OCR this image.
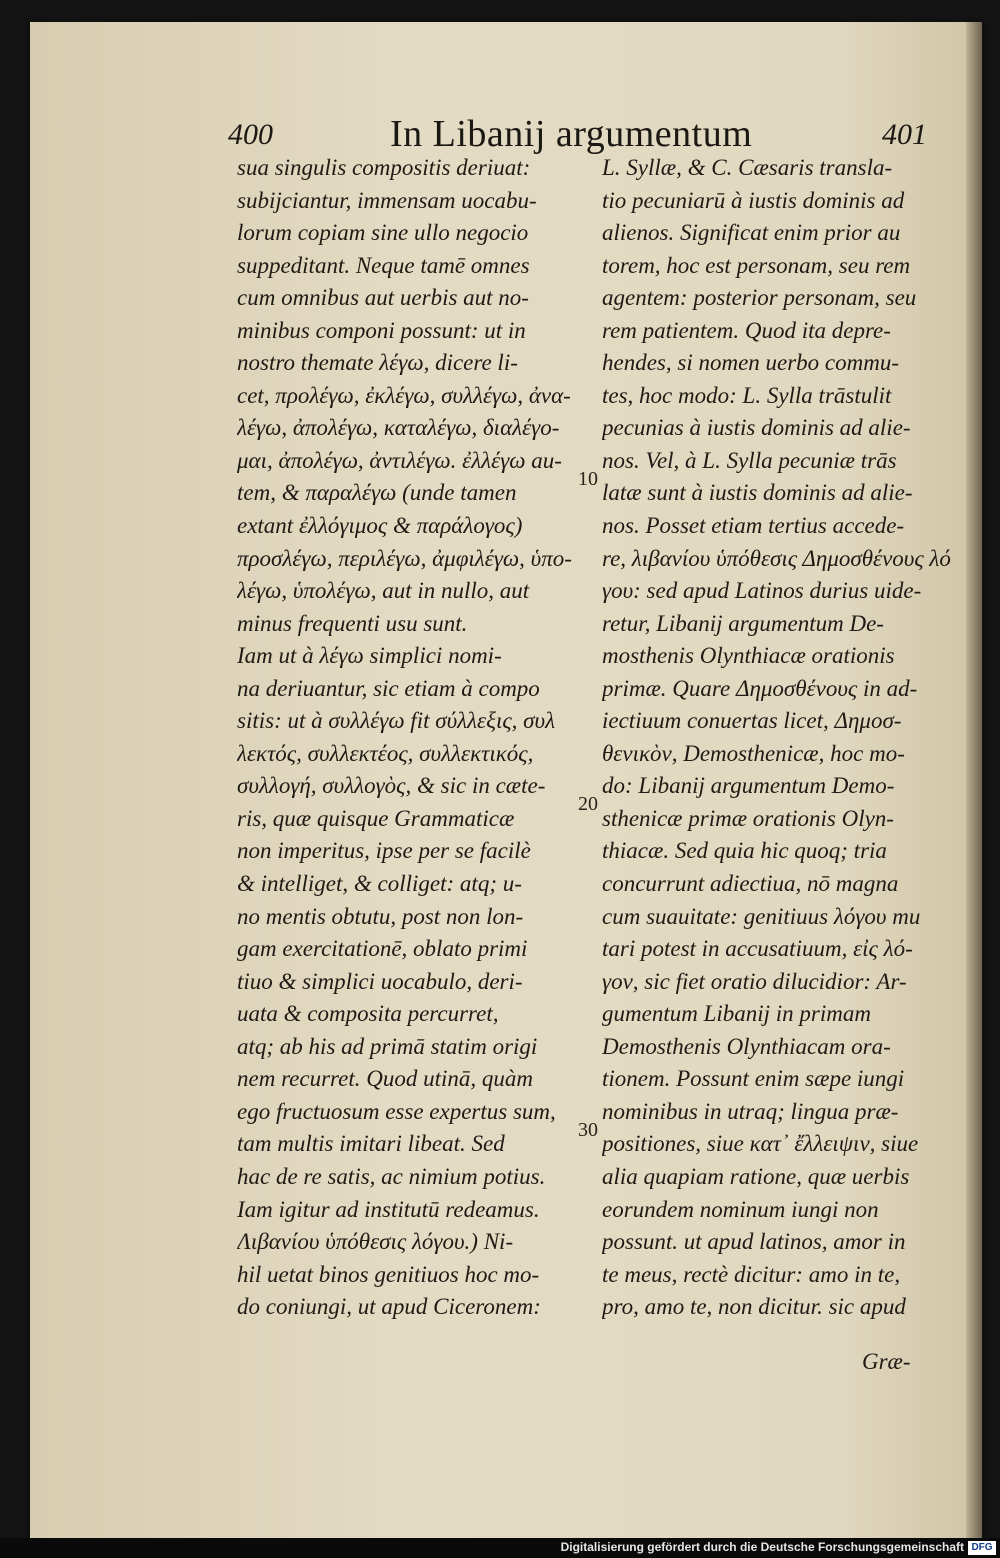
400	In Libanij argumentum	401
sua singulis compositis deriuat:
subijciantur, immensam uocabu-
lorum copiam sine ullo negocio
suppeditant. Neque tamē omnes
cum omnibus aut uerbis aut no-
minibus componi possunt: ut in
nostro themate λέγω, dicere li-
cet, προλέγω, ἐκλέγω, συλλέγω, ἀνα-
λέγω, ἀπολέγω, καταλέγω, διαλέγο-
μαι, ἀπολέγω, ἀντιλέγω. ἐλλέγω au-
tem, & παραλέγω (unde tamen
extant ἐλλόγιμος & παράλογος)
προσλέγω, περιλέγω, ἀμφιλέγω, ὑπο-
λέγω, ὑπολέγω, aut in nullo, aut
minus frequenti usu sunt.
Iam ut à λέγω simplici nomi-
na deriuantur, sic etiam à compo
sitis: ut à συλλέγω fit σύλλεξις, συλ
λεκτός, συλλεκτέος, συλλεκτικός,
συλλογή, συλλογὸς, & sic in cæte-
ris, quæ quisque Grammaticæ
non imperitus, ipse per se facilè
& intelliget, & colliget: atq; u-
no mentis obtutu, post non lon-
gam exercitationē, oblato primi
tiuo & simplici uocabulo, deri-
uata & composita percurret,
atq; ab his ad primā statim origi
nem recurret. Quod utinā, quàm
ego fructuosum esse expertus sum,
tam multis imitari libeat. Sed
hac de re satis, ac nimium potius.
Iam igitur ad institutū redeamus.
Λιβανίου ὑπόθεσις λόγου.) Ni-
hil uetat binos genitiuos hoc mo-
do coniungi, ut apud Ciceronem:
L. Syllæ, & C. Cæsaris transla-
tio pecuniarū à iustis dominis ad
alienos. Significat enim prior au
torem, hoc est personam, seu rem
agentem: posterior personam, seu
rem patientem. Quod ita depre-
hendes, si nomen uerbo commu-
tes, hoc modo: L. Sylla trāstulit
pecunias à iustis dominis ad alie-
nos. Vel, à L. Sylla pecuniæ trās
latæ sunt à iustis dominis ad alie-
nos. Posset etiam tertius accede-
re, λιβανίου ὑπόθεσις Δημοσθένους λό
γου: sed apud Latinos durius uide-
retur, Libanij argumentum De-
mosthenis Olynthiacæ orationis
primæ. Quare Δημοσθένους in ad-
iectiuum conuertas licet, Δημοσ-
θενικὸν, Demosthenicæ, hoc mo-
do: Libanij argumentum Demo-
sthenicæ primæ orationis Olyn-
thiacæ. Sed quia hic quoq; tria
concurrunt adiectiua, nō magna
cum suauitate: genitiuus λόγου mu
tari potest in accusatiuum, εἰς λό-
γον, sic fiet oratio dilucidior: Ar-
gumentum Libanij in primam
Demosthenis Olynthiacam ora-
tionem. Possunt enim sæpe iungi
nominibus in utraq; lingua præ-
positiones, siue κατ᾽ ἔλλειψιν, siue
alia quapiam ratione, quæ uerbis
eorundem nominum iungi non
possunt. ut apud latinos, amor in
te meus, rectè dicitur: amo in te,
pro, amo te, non dicitur. sic apud
10
20
30
Græ-
Digitalisierung gefördert durch die Deutsche Forschungsgemeinschaft DFG
